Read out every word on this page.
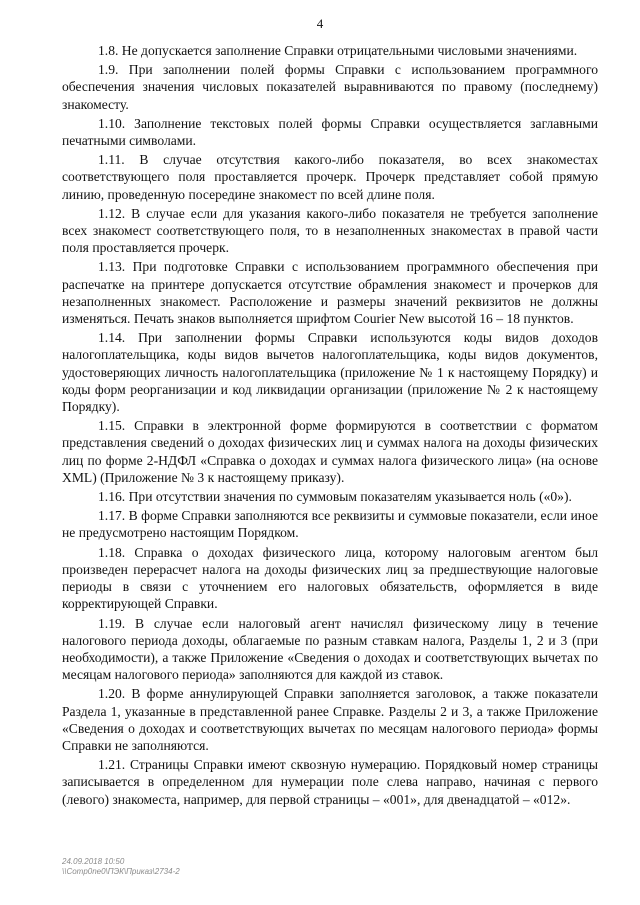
4

1.8. Не допускается заполнение Справки отрицательными числовыми значениями.

1.9. При заполнении полей формы Справки с использованием программного обеспечения значения числовых показателей выравниваются по правому (последнему) знакоместу.

1.10. Заполнение текстовых полей формы Справки осуществляется заглавными печатными символами.

1.11. В случае отсутствия какого-либо показателя, во всех знакоместах соответствующего поля проставляется прочерк. Прочерк представляет собой прямую линию, проведенную посередине знакомест по всей длине поля.

1.12. В случае если для указания какого-либо показателя не требуется заполнение всех знакомест соответствующего поля, то в незаполненных знакоместах в правой части поля проставляется прочерк.

1.13. При подготовке Справки с использованием программного обеспечения при распечатке на принтере допускается отсутствие обрамления знакомест и прочерков для незаполненных знакомест. Расположение и размеры значений реквизитов не должны изменяться. Печать знаков выполняется шрифтом Courier New высотой 16 – 18 пунктов.

1.14. При заполнении формы Справки используются коды видов доходов налогоплательщика, коды видов вычетов налогоплательщика, коды видов документов, удостоверяющих личность налогоплательщика (приложение № 1 к настоящему Порядку) и коды форм реорганизации и код ликвидации организации (приложение № 2 к настоящему Порядку).

1.15. Справки в электронной форме формируются в соответствии с форматом представления сведений о доходах физических лиц и суммах налога на доходы физических лиц по форме 2-НДФЛ «Справка о доходах и суммах налога физического лица» (на основе XML) (Приложение № 3 к настоящему приказу).

1.16. При отсутствии значения по суммовым показателям указывается ноль («0»).

1.17. В форме Справки заполняются все реквизиты и суммовые показатели, если иное не предусмотрено настоящим Порядком.

1.18. Справка о доходах физического лица, которому налоговым агентом был произведен перерасчет налога на доходы физических лиц за предшествующие налоговые периоды в связи с уточнением его налоговых обязательств, оформляется в виде корректирующей Справки.

1.19. В случае если налоговый агент начислял физическому лицу в течение налогового периода доходы, облагаемые по разным ставкам налога, Разделы 1, 2 и 3 (при необходимости), а также Приложение «Сведения о доходах и соответствующих вычетах по месяцам налогового периода» заполняются для каждой из ставок.

1.20. В форме аннулирующей Справки заполняется заголовок, а также показатели Раздела 1, указанные в представленной ранее Справке. Разделы 2 и 3, а также Приложение «Сведения о доходах и соответствующих вычетах по месяцам налогового периода» формы Справки не заполняются.

1.21. Страницы Справки имеют сквозную нумерацию. Порядковый номер страницы записывается в определенном для нумерации поле слева направо, начиная с первого (левого) знакоместа, например, для первой страницы – «001», для двенадцатой – «012».

24.09.2018 10:50
\\Comp0ne0\ПЭК\Приказ\2734-2
